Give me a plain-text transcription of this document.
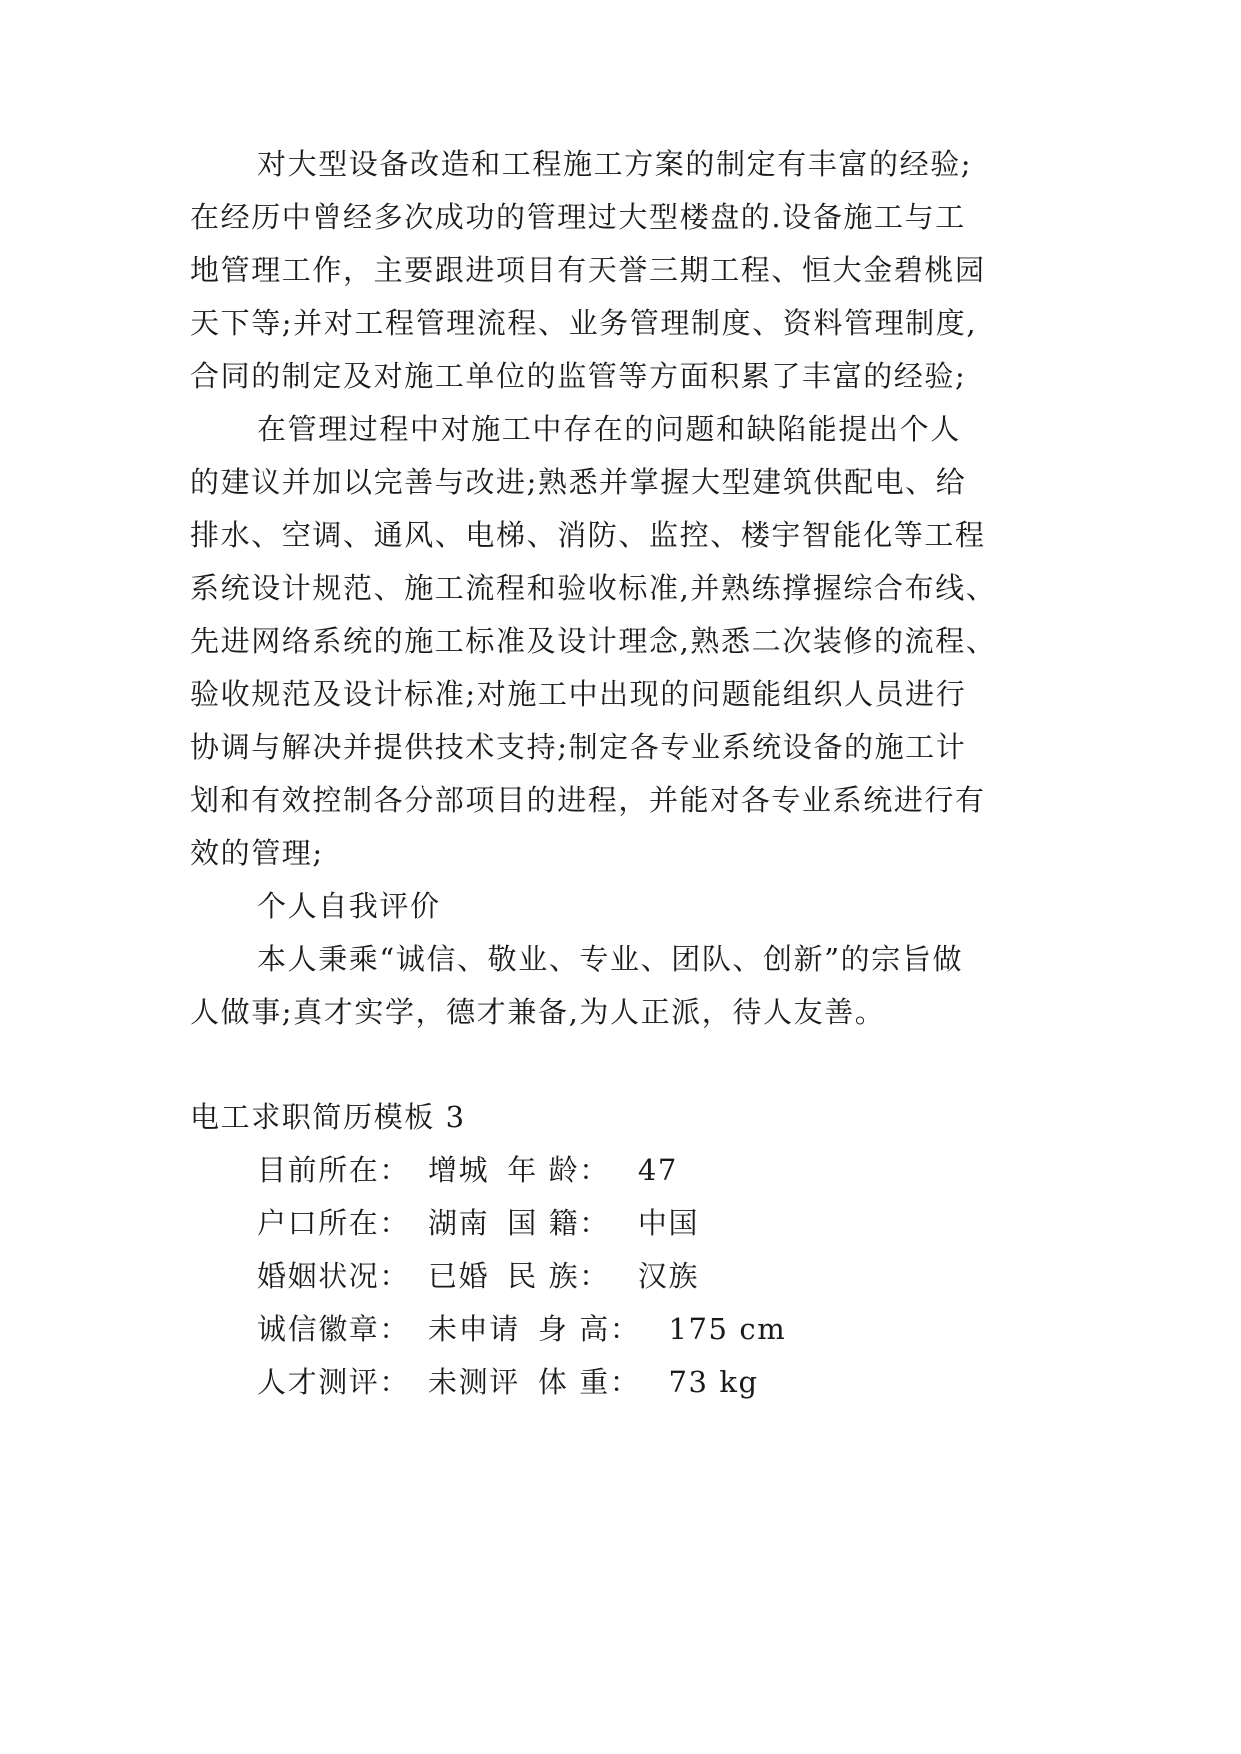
对大型设备改造和工程施工方案的制定有丰富的经验;
在经历中曾经多次成功的管理过大型楼盘的.设备施工与工
地管理工作，主要跟进项目有天誉三期工程、恒大金碧桃园
天下等;并对工程管理流程、业务管理制度、资料管理制度,
合同的制定及对施工单位的监管等方面积累了丰富的经验;
在管理过程中对施工中存在的问题和缺陷能提出个人
的建议并加以完善与改进;熟悉并掌握大型建筑供配电、给
排水、空调、通风、电梯、消防、监控、楼宇智能化等工程
系统设计规范、施工流程和验收标准,并熟练撑握综合布线、
先进网络系统的施工标准及设计理念,熟悉二次装修的流程、
验收规范及设计标准;对施工中出现的问题能组织人员进行
协调与解决并提供技术支持;制定各专业系统设备的施工计
划和有效控制各分部项目的进程，并能对各专业系统进行有
效的管理;
个人自我评价
本人秉乘“诚信、敬业、专业、团队、创新”的宗旨做
人做事;真才实学，德才兼备,为人正派，待人友善。
电工求职简历模板 3
目前所在： 增城 年 龄： 47
户口所在： 湖南 国 籍： 中国
婚姻状况： 已婚 民 族： 汉族
诚信徽章： 未申请 身 高： 175 cm
人才测评： 未测评 体 重： 73 kg
